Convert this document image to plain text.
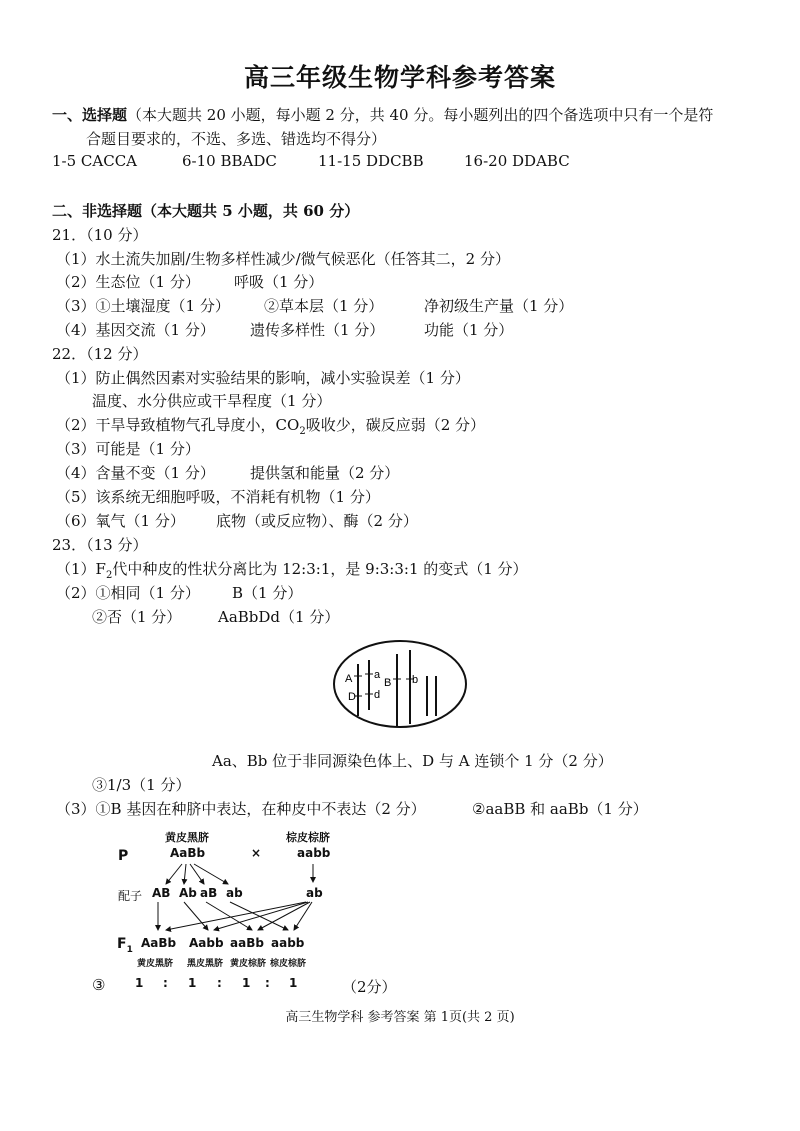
高三年级生物学科参考答案
一、选择题（本大题共 20 小题，每小题 2 分，共 40 分。每小题列出的四个备选项中只有一个是符
合题目要求的，不选、多选、错选均不得分）
1-5 CACCA	6-10 BBADC	11-15 DDCBB	16-20 DDABC
二、非选择题（本大题共 5 小题，共 60 分）
21．（10 分）
（1）水土流失加剧/生物多样性减少/微气候恶化（任答其二，2 分）
（2）生态位（1 分） 呼吸（1 分）
（3）①土壤湿度（1 分） ②草本层（1 分）	净初级生产量（1 分）
（4）基因交流（1 分） 遗传多样性（1 分）	功能（1 分）
22．（12 分）
（1）防止偶然因素对实验结果的影响，减小实验误差（1 分）
温度、水分供应或干旱程度（1 分）
（2）干旱导致植物气孔导度小，$CO_2$吸收少，碳反应弱（2 分）
（3）可能是（1 分）
（4）含量不变（1 分） 提供氢和能量（2 分）
（5）该系统无细胞呼吸，不消耗有机物（1 分）
（6）氧气（1 分） 底物（或反应物）、酶（2 分）
23．（13 分）
$(1)F_2$代中种皮的性状分离比为 12:3:1，是 9:3:3:1 的变式（1 分）
（2）①相同（1 分） B（1 分）
②否（1 分） AaBbDd（1 分）
A a
B b
D d
Aa、Bb 位于非同源染色体上、D 与 A 连锁个 1 分（2 分）
③1/3（1 分）
（3）①B 基因在种脐中表达，在种皮中不表达（2 分）	②aaBB 和 aaBb（1 分）
黄皮黑脐	棕皮棕脐
P	AaBb	×	aabb
配子 AB Ab aB ab	ab
$F_1$ AaBb Aabb aaBb aabb
黄皮黑脐 黑皮黑脐 黄皮棕脐 棕皮棕脐
③ 1 : 1 : 1 : 1	（2分）
高三生物学科 参考答案 第 1页(共 2 页)
